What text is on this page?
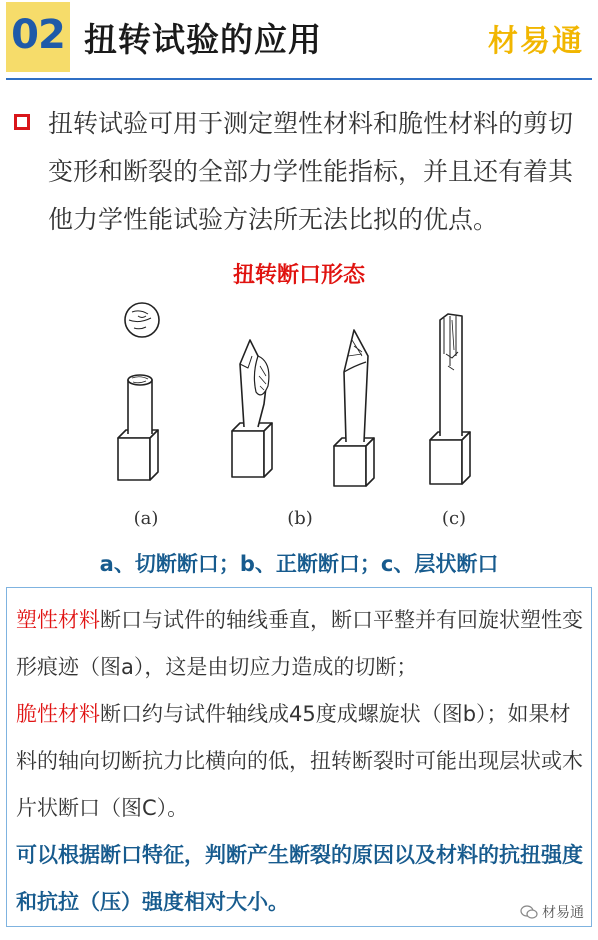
02 扭转试验的应用	材易通
扭转试验可用于测定塑性材料和脆性材料的剪切变形和断裂的全部力学性能指标，并且还有着其他力学性能试验方法所无法比拟的优点。
扭转断口形态
(a)	(b)	(c)
a、切断断口；b、正断断口；c、层状断口
塑性材料断口与试件的轴线垂直，断口平整并有回旋状塑性变形痕迹（图a），这是由切应力造成的切断；
脆性材料断口约与试件轴线成45度成螺旋状（图b）；如果材料的轴向切断抗力比横向的低，扭转断裂时可能出现层状或木片状断口（图C）。
可以根据断口特征，判断产生断裂的原因以及材料的抗扭强度和抗拉（压）强度相对大小。	材易通
